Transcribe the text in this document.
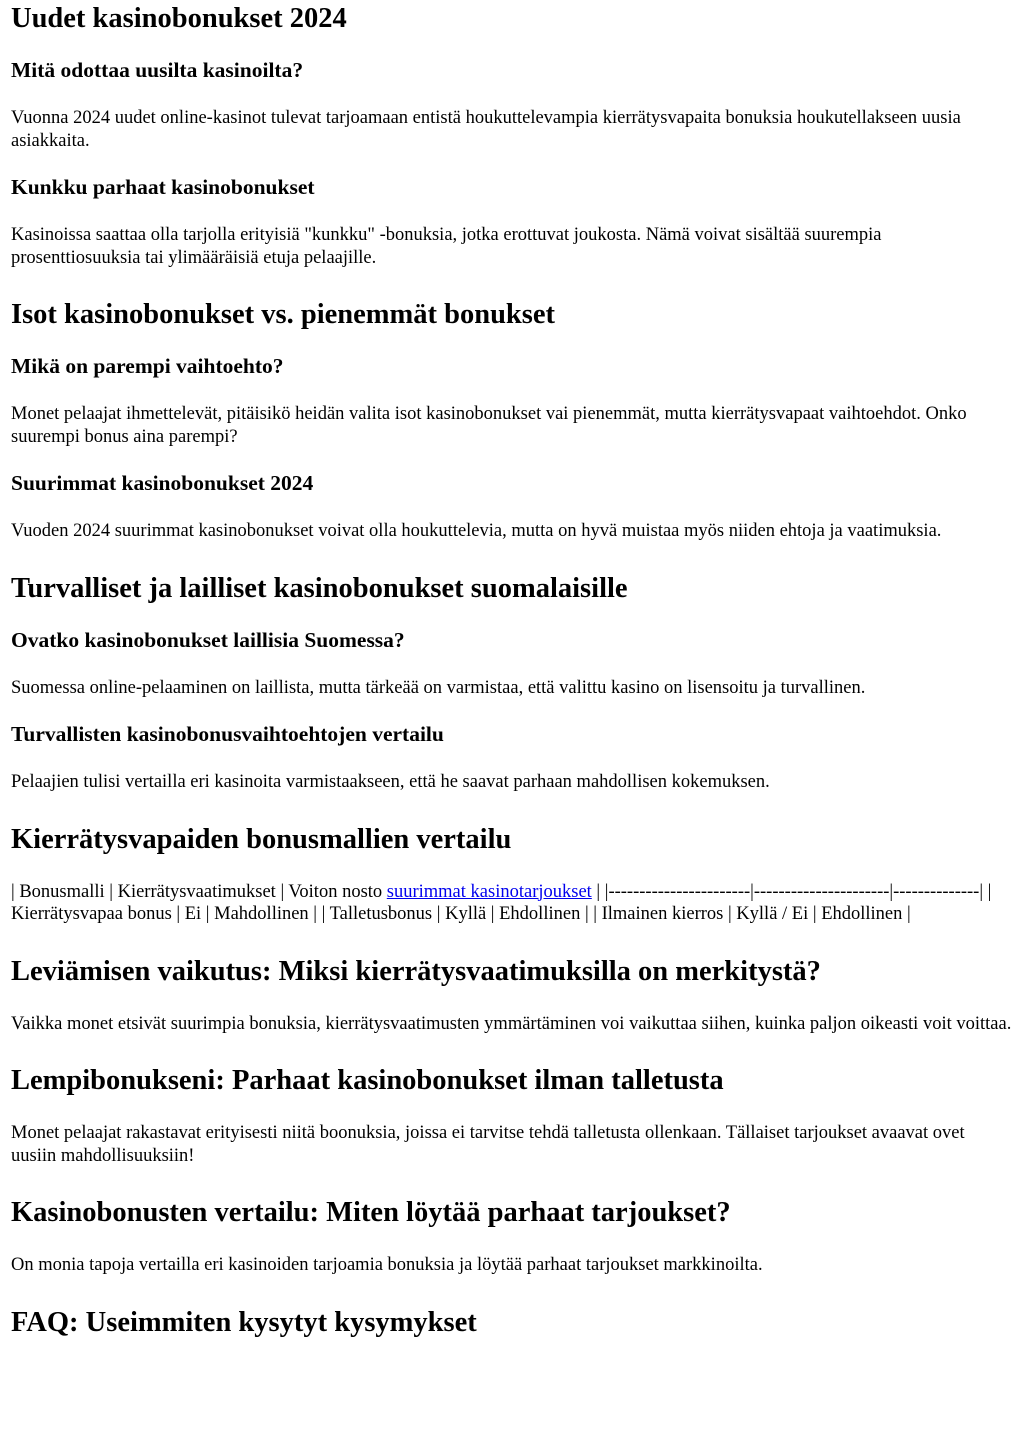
Uudet kasinobonukset 2024
Mitä odottaa uusilta kasinoilta?

Vuonna 2024 uudet online-kasinot tulevat tarjoamaan entistä houkuttelevampia kierrätysvapaita bonuksia houkutellakseen uusia asiakkaita.

Kunkku parhaat kasinobonukset

Kasinoissa saattaa olla tarjolla erityisiä "kunkku" -bonuksia, jotka erottuvat joukosta. Nämä voivat sisältää suurempia prosenttiosuuksia tai ylimääräisiä etuja pelaajille.

Isot kasinobonukset vs. pienemmät bonukset
Mikä on parempi vaihtoehto?

Monet pelaajat ihmettelevät, pitäisikö heidän valita isot kasinobonukset vai pienemmät, mutta kierrätysvapaat vaihtoehdot. Onko suurempi bonus aina parempi?

Suurimmat kasinobonukset 2024

Vuoden 2024 suurimmat kasinobonukset voivat olla houkuttelevia, mutta on hyvä muistaa myös niiden ehtoja ja vaatimuksia.

Turvalliset ja lailliset kasinobonukset suomalaisille
Ovatko kasinobonukset laillisia Suomessa?

Suomessa online-pelaaminen on laillista, mutta tärkeää on varmistaa, että valittu kasino on lisensoitu ja turvallinen.

Turvallisten kasinobonusvaihtoehtojen vertailu

Pelaajien tulisi vertailla eri kasinoita varmistaakseen, että he saavat parhaan mahdollisen kokemuksen.

Kierrätysvapaiden bonusmallien vertailu

| Bonusmalli | Kierrätysvaatimukset | Voiton nosto suurimmat kasinotarjoukset | |-----------------------|----------------------|--------------| | Kierrätysvapaa bonus | Ei | Mahdollinen | | Talletusbonus | Kyllä | Ehdollinen | | Ilmainen kierros | Kyllä / Ei | Ehdollinen |

Leviämisen vaikutus: Miksi kierrätysvaatimuksilla on merkitystä?

Vaikka monet etsivät suurimpia bonuksia, kierrätysvaatimusten ymmärtäminen voi vaikuttaa siihen, kuinka paljon oikeasti voit voittaa.

Lempibonukseni: Parhaat kasinobonukset ilman talletusta

Monet pelaajat rakastavat erityisesti niitä boonuksia, joissa ei tarvitse tehdä talletusta ollenkaan. Tällaiset tarjoukset avaavat ovet uusiin mahdollisuuksiin!

Kasinobonusten vertailu: Miten löytää parhaat tarjoukset?

On monia tapoja vertailla eri kasinoiden tarjoamia bonuksia ja löytää parhaat tarjoukset markkinoilta.

FAQ: Useimmiten kysytyt kysymykset
